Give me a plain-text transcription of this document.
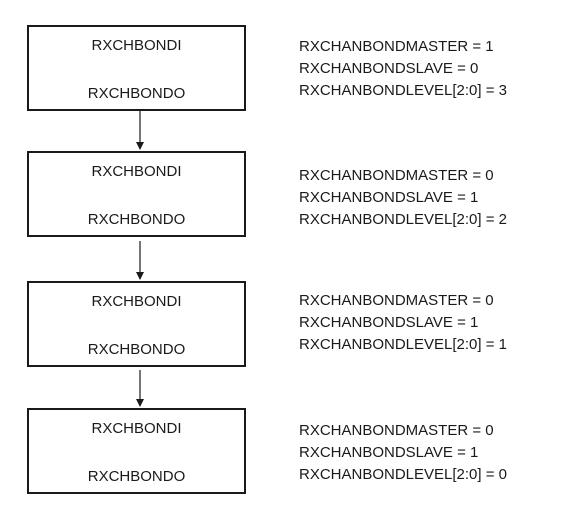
RXCHBONDI
RXCHBONDO
RXCHANBONDMASTER = 1
RXCHANBONDSLAVE = 0
RXCHANBONDLEVEL[2:0] = 3
RXCHBONDI
RXCHBONDO
RXCHANBONDMASTER = 0
RXCHANBONDSLAVE = 1
RXCHANBONDLEVEL[2:0] = 2
RXCHBONDI
RXCHBONDO
RXCHANBONDMASTER = 0
RXCHANBONDSLAVE = 1
RXCHANBONDLEVEL[2:0] = 1
RXCHBONDI
RXCHBONDO
RXCHANBONDMASTER = 0
RXCHANBONDSLAVE = 1
RXCHANBONDLEVEL[2:0] = 0
